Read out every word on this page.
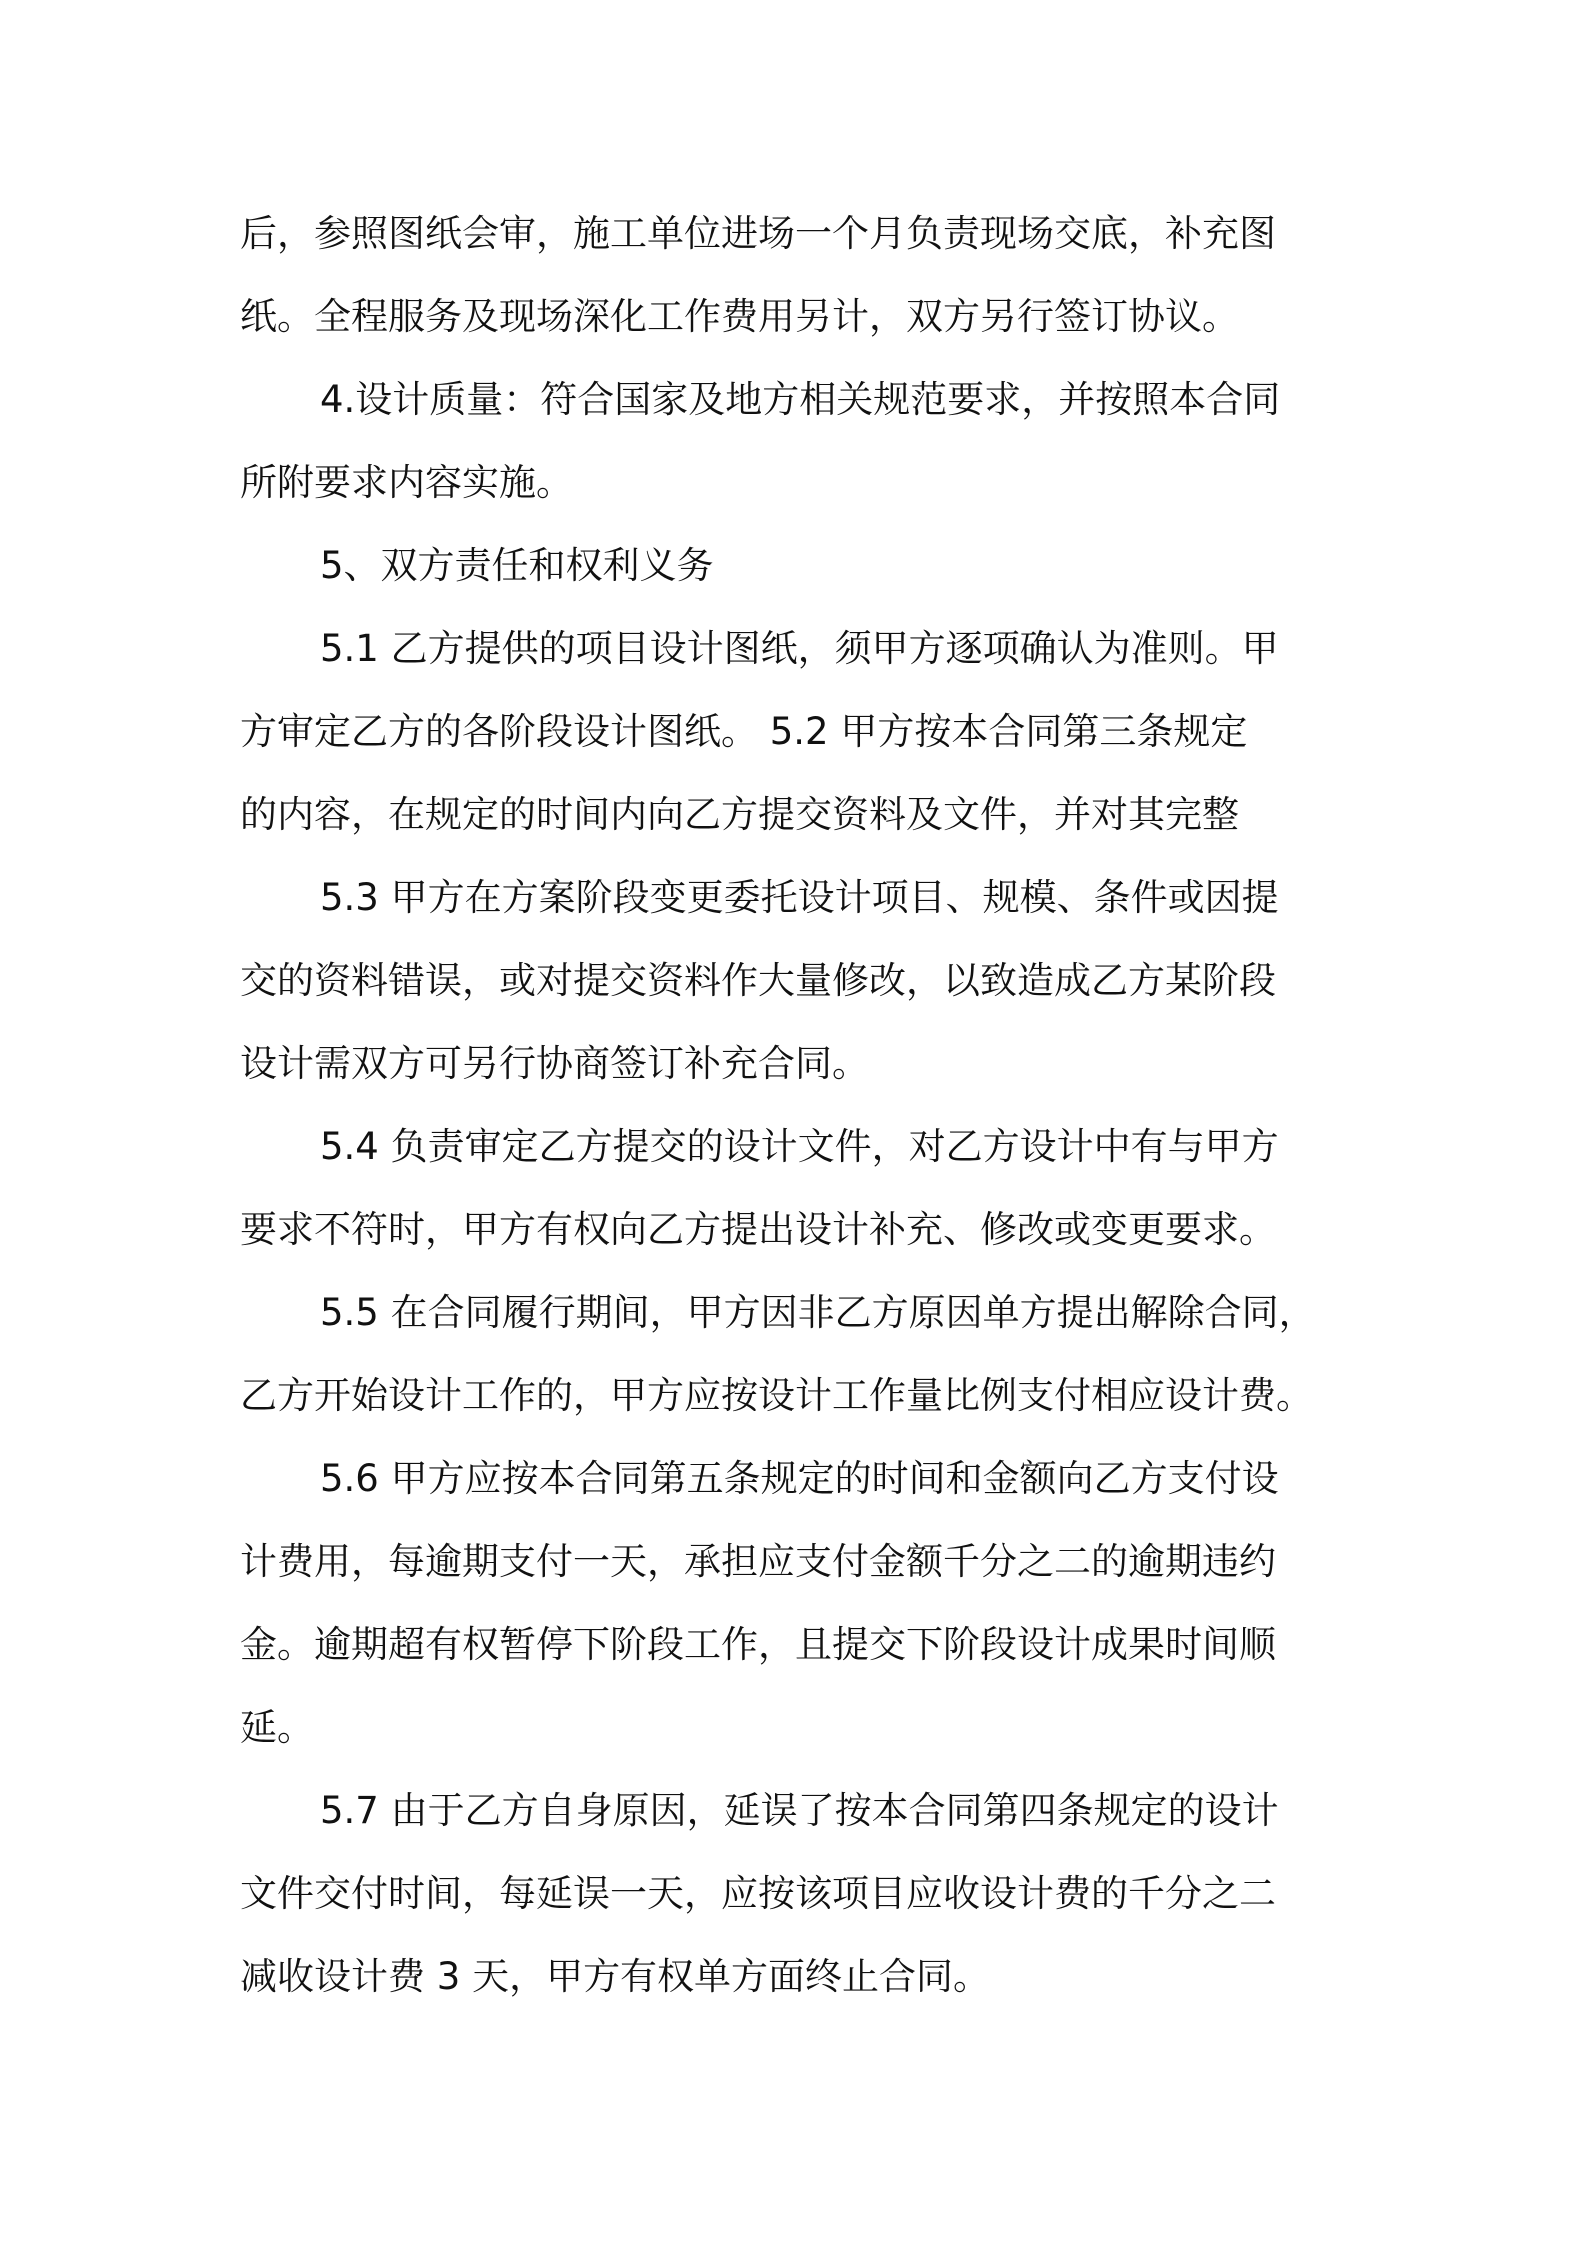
后，参照图纸会审，施工单位进场一个月负责现场交底，补充图
纸。全程服务及现场深化工作费用另计，双方另行签订协议。

4.设计质量：符合国家及地方相关规范要求，并按照本合同
所附要求内容实施。

5、双方责任和权利义务

5.1 乙方提供的项目设计图纸，须甲方逐项确认为准则。甲
方审定乙方的各阶段设计图纸。 5.2 甲方按本合同第三条规定
的内容，在规定的时间内向乙方提交资料及文件，并对其完整

5.3 甲方在方案阶段变更委托设计项目、规模、条件或因提
交的资料错误，或对提交资料作大量修改，以致造成乙方某阶段
设计需双方可另行协商签订补充合同。

5.4 负责审定乙方提交的设计文件，对乙方设计中有与甲方
要求不符时，甲方有权向乙方提出设计补充、修改或变更要求。

5.5 在合同履行期间，甲方因非乙方原因单方提出解除合同，
乙方开始设计工作的，甲方应按设计工作量比例支付相应设计费。

5.6 甲方应按本合同第五条规定的时间和金额向乙方支付设
计费用，每逾期支付一天，承担应支付金额千分之二的逾期违约
金。逾期超有权暂停下阶段工作，且提交下阶段设计成果时间顺
延。

5.7 由于乙方自身原因，延误了按本合同第四条规定的设计
文件交付时间，每延误一天，应按该项目应收设计费的千分之二
减收设计费 3 天，甲方有权单方面终止合同。
